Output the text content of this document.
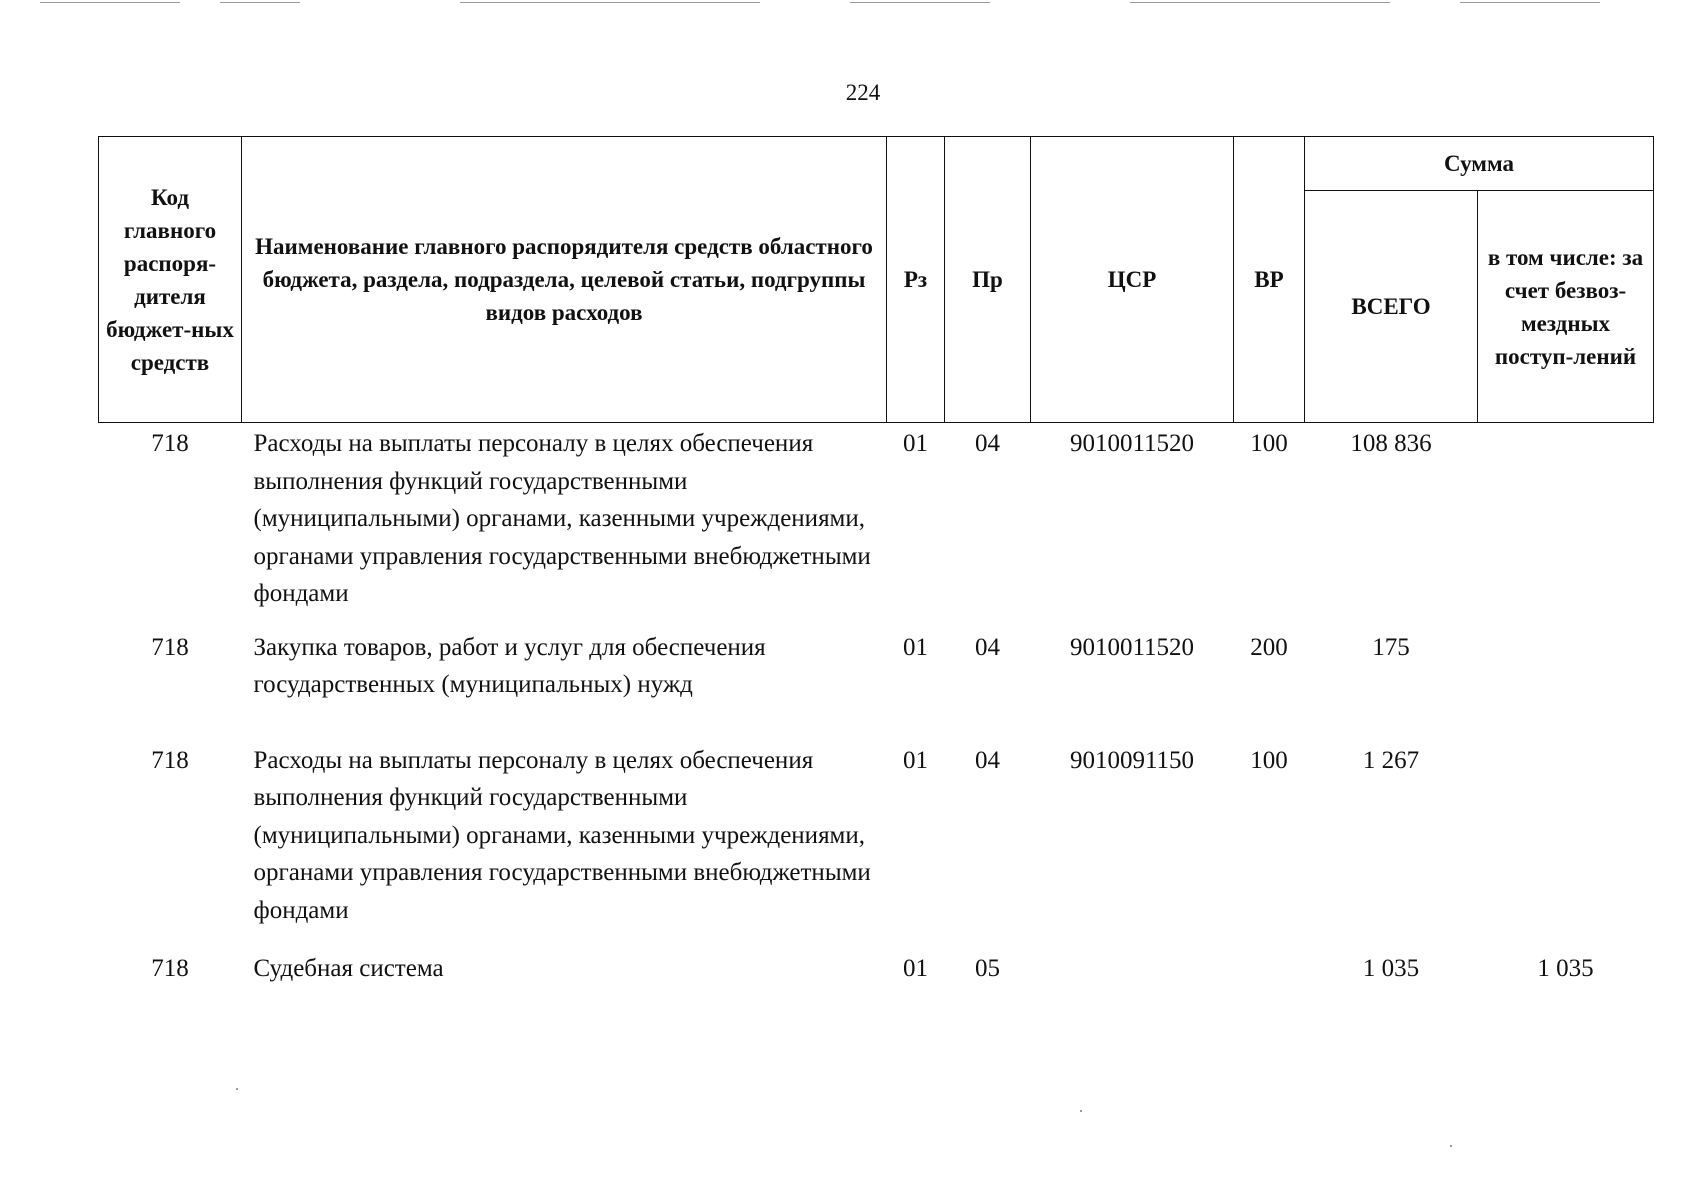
224
Код главного распоря-дителя бюджет-ных средств	Наименование главного распорядителя средств областного бюджета, раздела, подраздела, целевой статьи, подгруппы видов расходов	Рз	Пр	ЦСР	ВР	Сумма	
						ВСЕГО	в том числе: за счет безвоз-мездных поступ-лений
718	Расходы на выплаты персоналу в целях обеспечения выполнения функций государственными (муниципальными) органами, казенными учреждениями, органами управления государственными внебюджетными фондами	01	04	9010011520	100	108 836	
718	Закупка товаров, работ и услуг для обеспечения государственных (муниципальных) нужд	01	04	9010011520	200	175	
718	Расходы на выплаты персоналу в целях обеспечения выполнения функций государственными (муниципальными) органами, казенными учреждениями, органами управления государственными внебюджетными фондами	01	04	9010091150	100	1 267	
718	Судебная система	01	05			1 035	1 035
